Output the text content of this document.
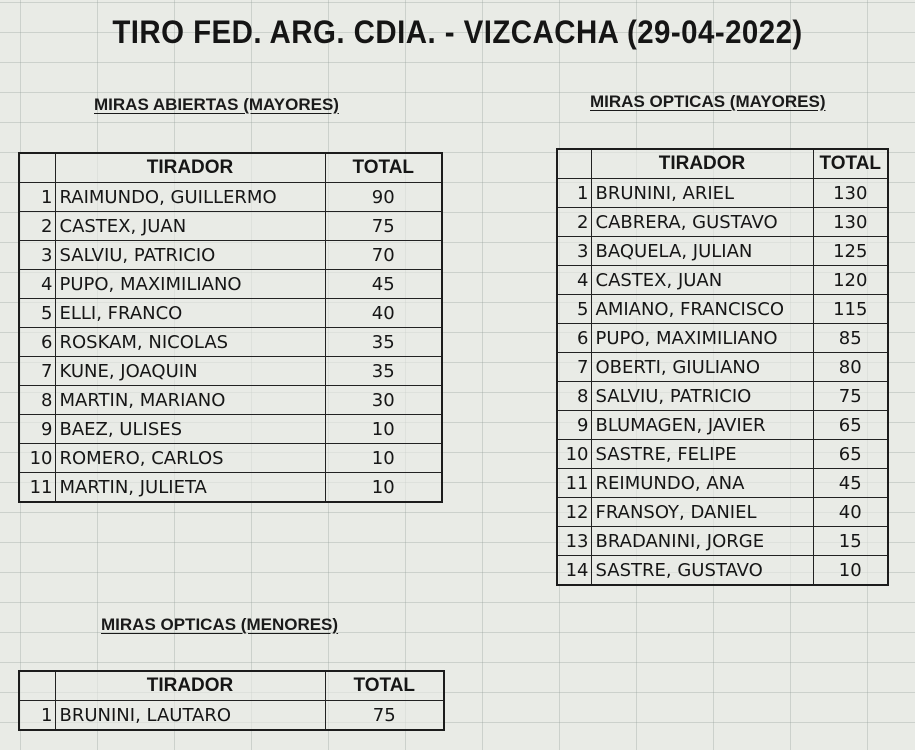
TIRO FED. ARG. CDIA. - VIZCACHA (29-04-2022)
MIRAS ABIERTAS (MAYORES)
	TIRADOR	TOTAL
1	RAIMUNDO, GUILLERMO	90
2	CASTEX, JUAN	75
3	SALVIU, PATRICIO	70
4	PUPO, MAXIMILIANO	45
5	ELLI, FRANCO	40
6	ROSKAM, NICOLAS	35
7	KUNE, JOAQUIN	35
8	MARTIN, MARIANO	30
9	BAEZ, ULISES	10
10	ROMERO, CARLOS	10
11	MARTIN, JULIETA	10
MIRAS OPTICAS (MAYORES)
	TIRADOR	TOTAL
1	BRUNINI, ARIEL	130
2	CABRERA, GUSTAVO	130
3	BAQUELA, JULIAN	125
4	CASTEX, JUAN	120
5	AMIANO, FRANCISCO	115
6	PUPO, MAXIMILIANO	85
7	OBERTI, GIULIANO	80
8	SALVIU, PATRICIO	75
9	BLUMAGEN, JAVIER	65
10	SASTRE, FELIPE	65
11	REIMUNDO, ANA	45
12	FRANSOY, DANIEL	40
13	BRADANINI, JORGE	15
14	SASTRE, GUSTAVO	10
MIRAS OPTICAS (MENORES)
	TIRADOR	TOTAL
1	BRUNINI, LAUTARO	75
